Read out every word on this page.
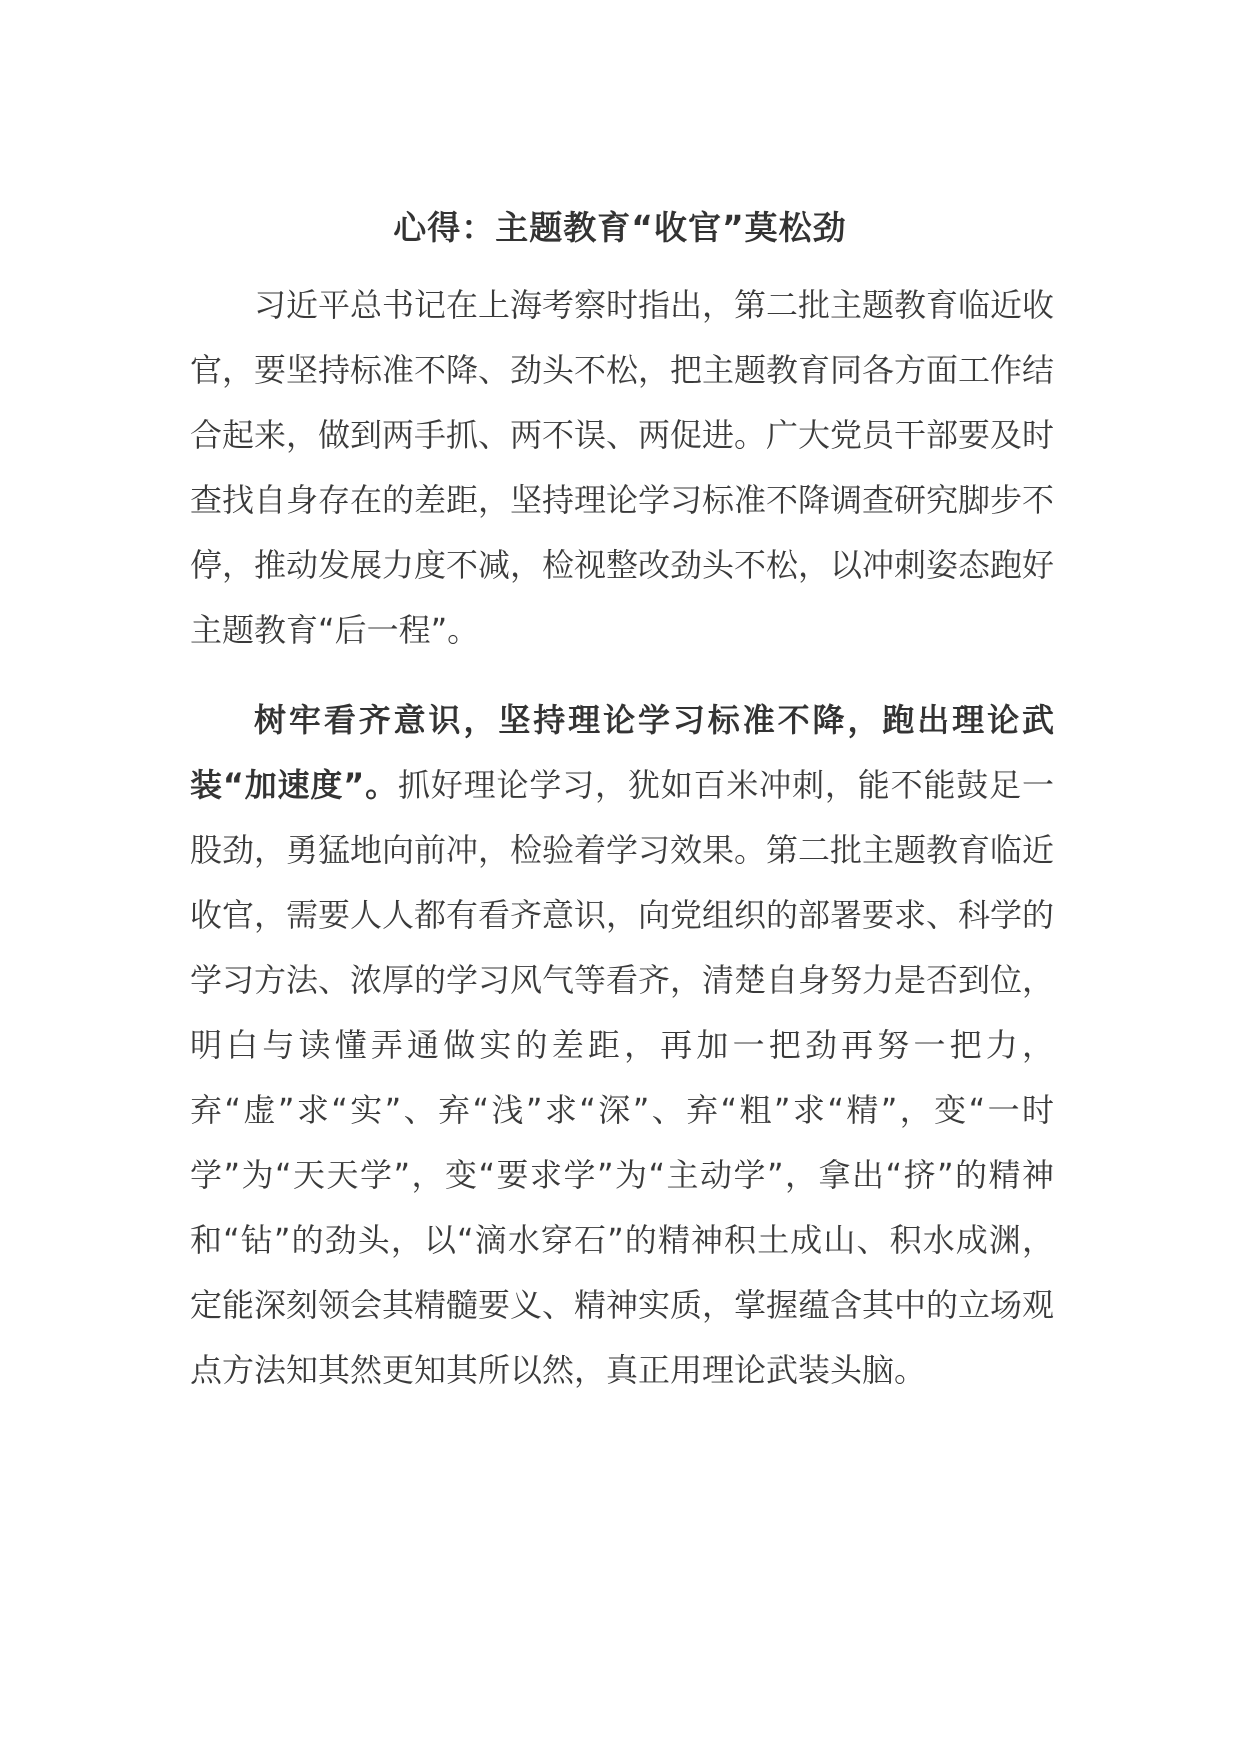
心得：主题教育“收官”莫松劲

习近平总书记在上海考察时指出，第二批主题教育临近收官，要坚持标准不降、劲头不松，把主题教育同各方面工作结合起来，做到两手抓、两不误、两促进。广大党员干部要及时查找自身存在的差距，坚持理论学习标准不降调查研究脚步不停，推动发展力度不减，检视整改劲头不松，以冲刺姿态跑好主题教育“后一程”。

树牢看齐意识，坚持理论学习标准不降，跑出理论武装“加速度”。抓好理论学习，犹如百米冲刺，能不能鼓足一股劲，勇猛地向前冲，检验着学习效果。第二批主题教育临近收官，需要人人都有看齐意识，向党组织的部署要求、科学的学习方法、浓厚的学习风气等看齐，清楚自身努力是否到位，明白与读懂弄通做实的差距，再加一把劲再努一把力，弃“虚”求“实”、弃“浅”求“深”、弃“粗”求“精”，变“一时学”为“天天学”，变“要求学”为“主动学”，拿出“挤”的精神和“钻”的劲头，以“滴水穿石”的精神积土成山、积水成渊，定能深刻领会其精髓要义、精神实质，掌握蕴含其中的立场观点方法知其然更知其所以然，真正用理论武装头脑。
